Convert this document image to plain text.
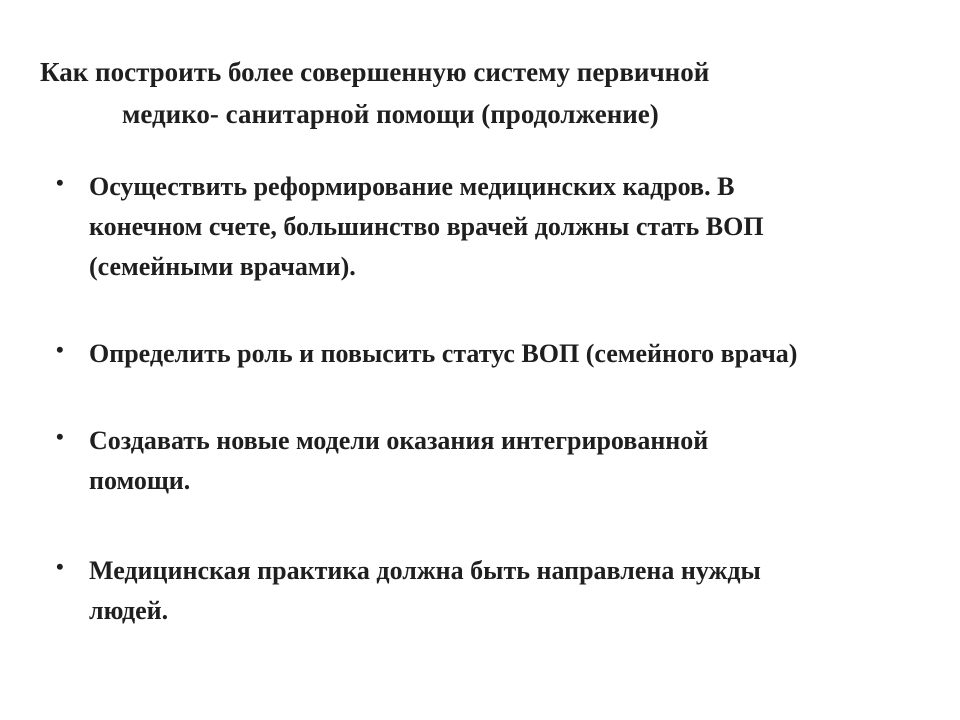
Как построить более совершенную систему первичной
медико- санитарной помощи (продолжение)
• Осуществить реформирование медицинских кадров. В
конечном счете, большинство врачей должны стать ВОП
(семейными врачами).
• Определить роль и повысить статус ВОП (семейного врача)
• Создавать новые модели оказания интегрированной
помощи.
• Медицинская практика должна быть направлена нужды
людей.
